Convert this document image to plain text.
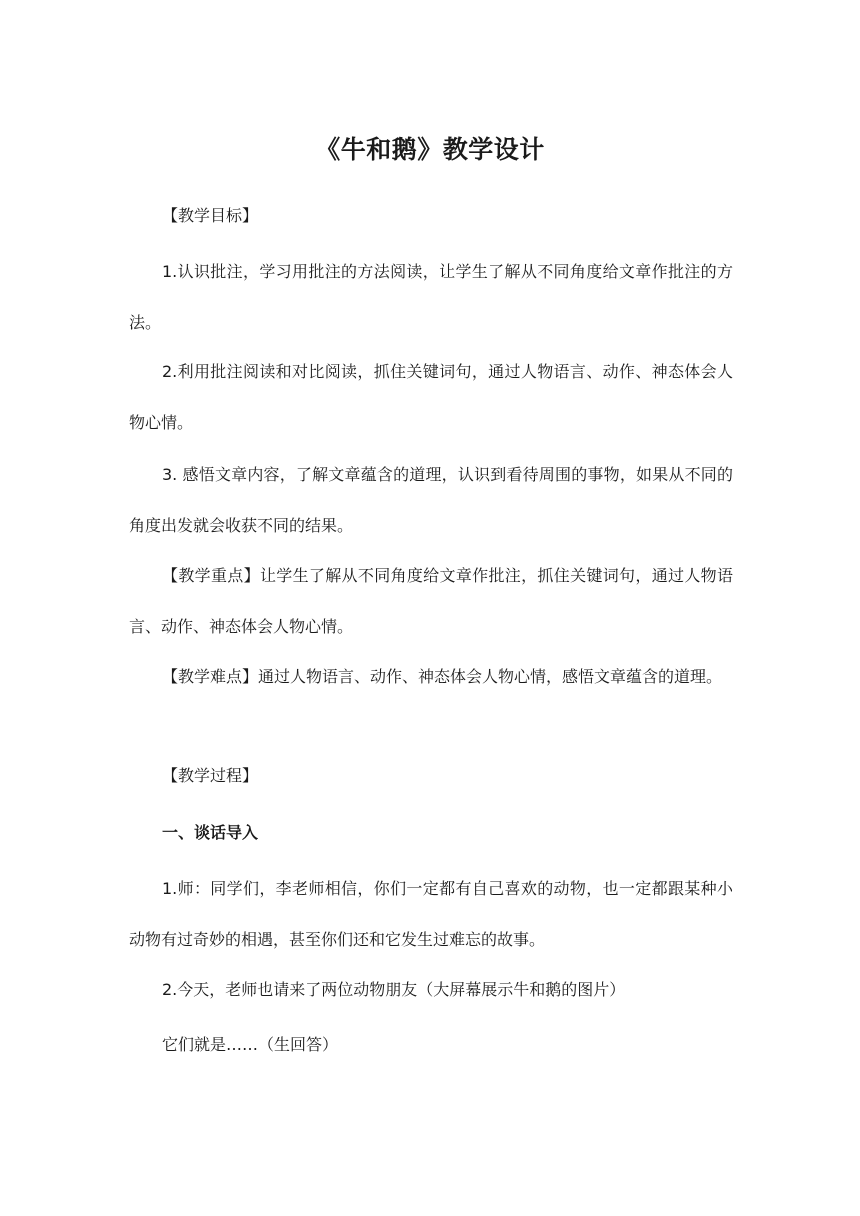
《牛和鹅》教学设计
【教学目标】
1.认识批注，学习用批注的方法阅读，让学生了解从不同角度给文章作批注的方法。
2.利用批注阅读和对比阅读，抓住关键词句，通过人物语言、动作、神态体会人物心情。
3. 感悟文章内容，了解文章蕴含的道理，认识到看待周围的事物，如果从不同的角度出发就会收获不同的结果。
【教学重点】让学生了解从不同角度给文章作批注，抓住关键词句，通过人物语言、动作、神态体会人物心情。
【教学难点】通过人物语言、动作、神态体会人物心情，感悟文章蕴含的道理。
【教学过程】
一、谈话导入
1.师：同学们，李老师相信，你们一定都有自己喜欢的动物，也一定都跟某种小动物有过奇妙的相遇，甚至你们还和它发生过难忘的故事。
2.今天，老师也请来了两位动物朋友（大屏幕展示牛和鹅的图片）
它们就是……（生回答）
